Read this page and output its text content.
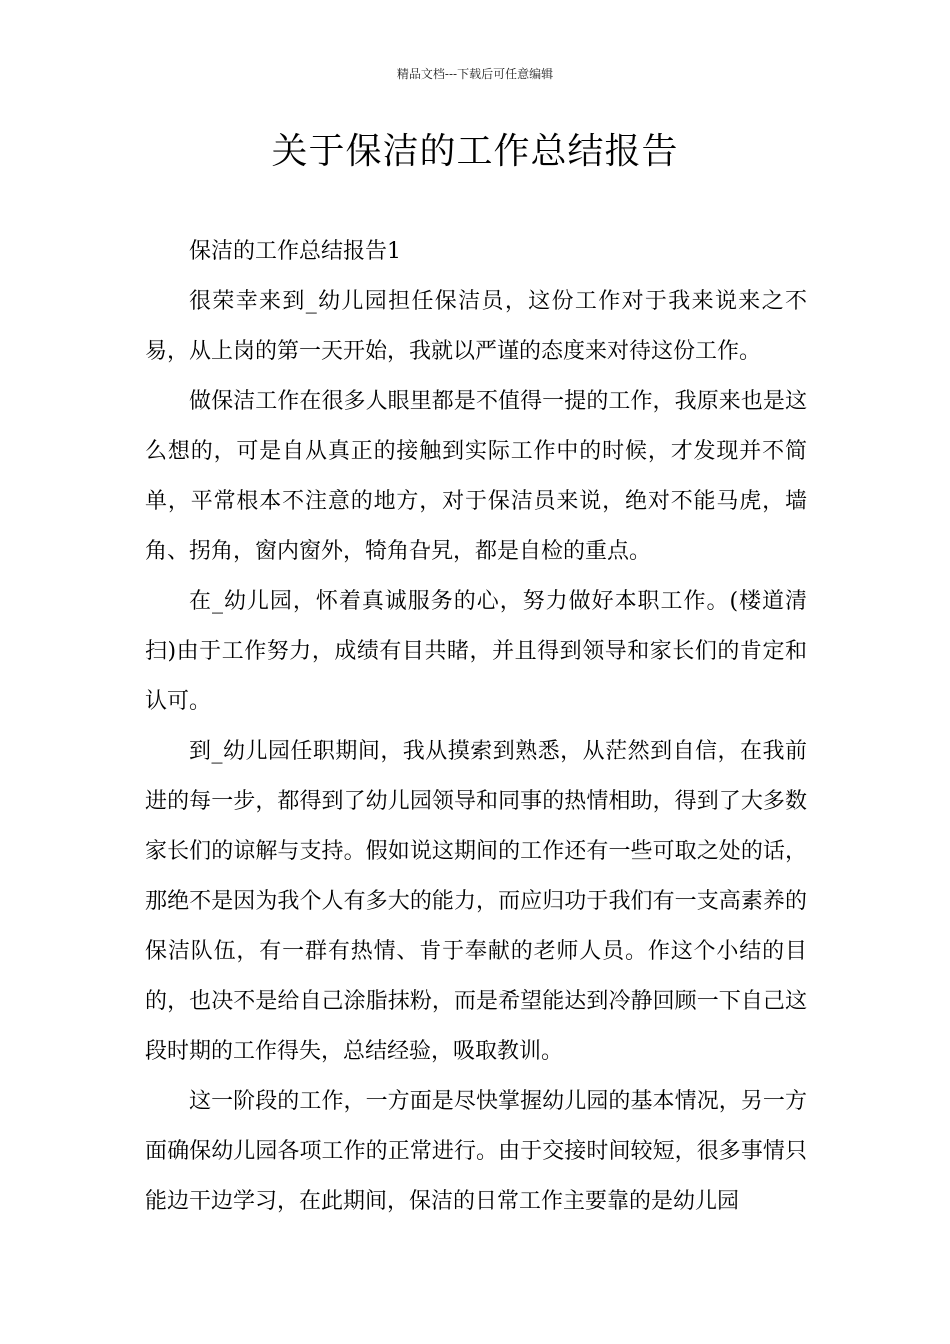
精品文档---下载后可任意编辑
关于保洁的工作总结报告

保洁的工作总结报告1

很荣幸来到_幼儿园担任保洁员，这份工作对于我来说来之不易，从上岗的第一天开始，我就以严谨的态度来对待这份工作。

做保洁工作在很多人眼里都是不值得一提的工作，我原来也是这么想的，可是自从真正的接触到实际工作中的时候，才发现并不简单，平常根本不注意的地方，对于保洁员来说，绝对不能马虎，墙角、拐角，窗内窗外，犄角旮旯，都是自检的重点。

在_幼儿园，怀着真诚服务的心，努力做好本职工作。(楼道清扫)由于工作努力，成绩有目共睹，并且得到领导和家长们的肯定和认可。

到_幼儿园任职期间，我从摸索到熟悉，从茫然到自信，在我前进的每一步，都得到了幼儿园领导和同事的热情相助，得到了大多数家长们的谅解与支持。假如说这期间的工作还有一些可取之处的话，那绝不是因为我个人有多大的能力，而应归功于我们有一支高素养的保洁队伍，有一群有热情、肯于奉献的老师人员。作这个小结的目的，也决不是给自己涂脂抹粉，而是希望能达到冷静回顾一下自己这段时期的工作得失，总结经验，吸取教训。

这一阶段的工作，一方面是尽快掌握幼儿园的基本情况，另一方面确保幼儿园各项工作的正常进行。由于交接时间较短，很多事情只能边干边学习，在此期间，保洁的日常工作主要靠的是幼儿园
